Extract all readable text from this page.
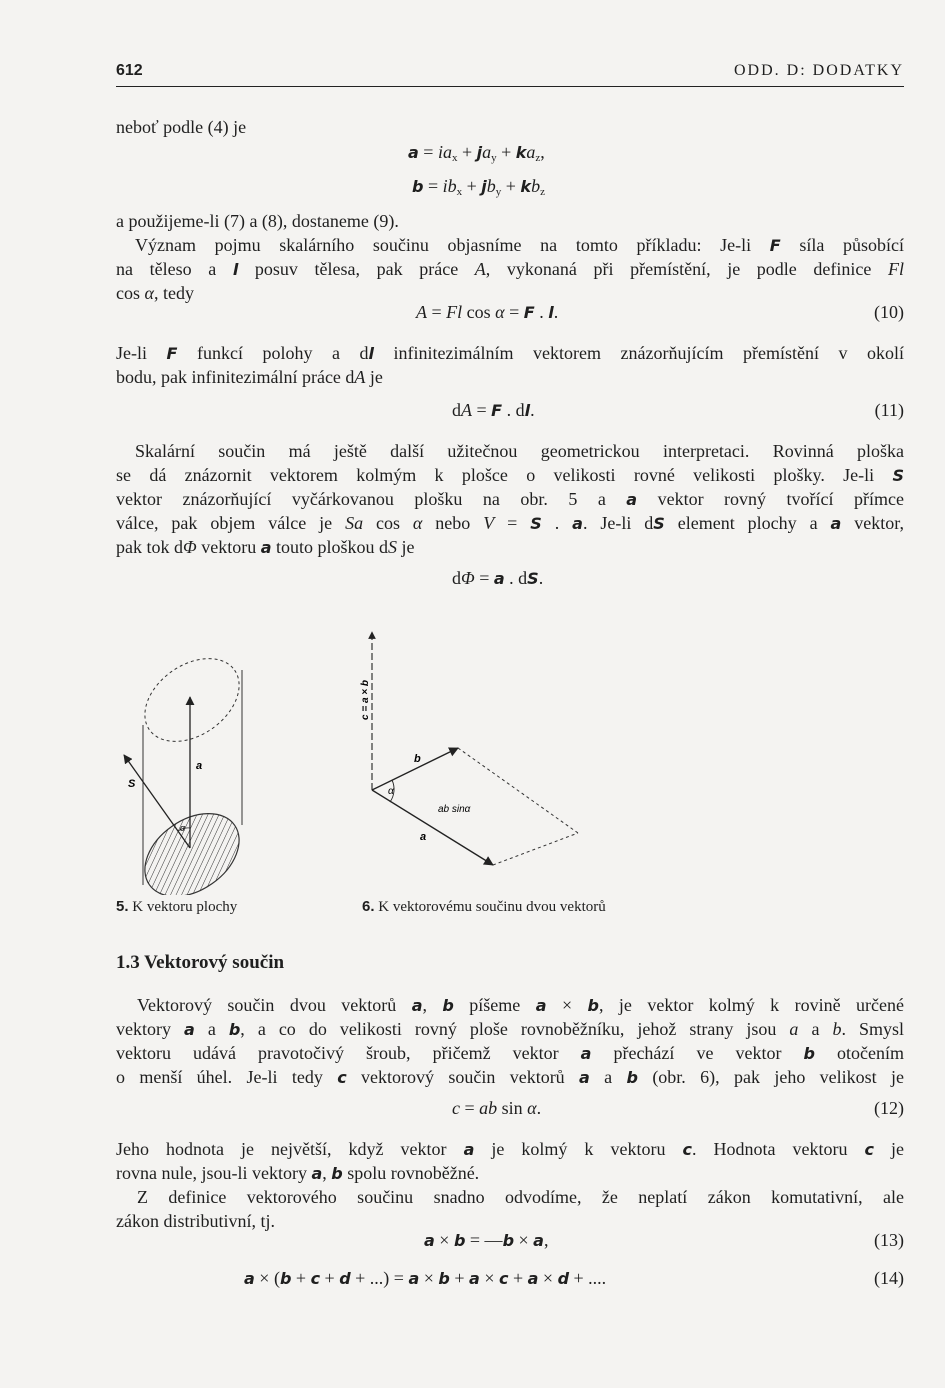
612	ODD. D: DODATKY
neboť podle (4) je
$a = ia_x + ja_y + ka_z$,
$b = ib_x + jb_y + kb_z$
a použijeme-li (7) a (8), dostaneme (9).
Význam pojmu skalárního součinu objasníme na tomto příkladu: Je-li F síla působící
na těleso a l posuv tělesa, pak práce A, vykonaná při přemístění, je podle definice Fl
cos α, tedy
A = Fl cos α = F . l.	(10)
Je-li F funkcí polohy a dl infinitezimálním vektorem znázorňujícím přemístění v okolí
bodu, pak infinitezimální práce dA je
dA = F . dl.	(11)
Skalární součin má ještě další užitečnou geometrickou interpretaci. Rovinná ploška
se dá znázornit vektorem kolmým k plošce o velikosti rovné velikosti plošky. Je-li S
vektor znázorňující vyčárkovanou plošku na obr. 5 a a vektor rovný tvořící přímce
válce, pak objem válce je Sa cos α nebo V = S . a. Je-li dS element plochy a a vektor,
pak tok dΦ vektoru a touto ploškou dS je
dΦ = a . dS.
S
a
α
5. K vektoru plochy
α
c = a × b
b
a
ab sinα
6. K vektorovému součinu dvou vektorů
1.3 Vektorový součin
Vektorový součin dvou vektorů a, b píšeme a × b, je vektor kolmý k rovině určené
vektory a a b, a co do velikosti rovný ploše rovnoběžníku, jehož strany jsou a a b. Smysl
vektoru udává pravotočivý šroub, přičemž vektor a přechází ve vektor b otočením
o menší úhel. Je-li tedy c vektorový součin vektorů a a b (obr. 6), pak jeho velikost je
c = ab sin α.	(12)
Jeho hodnota je největší, když vektor a je kolmý k vektoru c. Hodnota vektoru c je
rovna nule, jsou-li vektory a, b spolu rovnoběžné.
Z definice vektorového součinu snadno odvodíme, že neplatí zákon komutativní, ale
zákon distributivní, tj.
a × b = —b × a,	(13)
a × (b + c + d + ...) = a × b + a × c + a × d + ....	(14)
